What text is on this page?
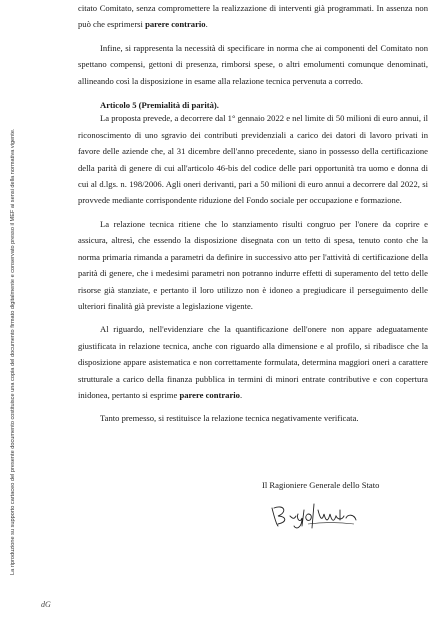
La riproduzione su supporto cartaceo del presente documento costituisce una copia del documento firmato digitalmente e conservato presso il MEF ai sensi della normativa vigente.

citato Comitato, senza compromettere la realizzazione di interventi già programmati. In assenza non può che esprimersi parere contrario.

Infine, si rappresenta la necessità di specificare in norma che ai componenti del Comitato non spettano compensi, gettoni di presenza, rimborsi spese, o altri emolumenti comunque denominati, allineando così la disposizione in esame alla relazione tecnica pervenuta a corredo.

Articolo 5 (Premialità di parità).

La proposta prevede, a decorrere dal 1° gennaio 2022 e nel limite di 50 milioni di euro annui, il riconoscimento di uno sgravio dei contributi previdenziali a carico dei datori di lavoro privati in favore delle aziende che, al 31 dicembre dell'anno precedente, siano in possesso della certificazione della parità di genere di cui all'articolo 46-bis del codice delle pari opportunità tra uomo e donna di cui al d.lgs. n. 198/2006. Agli oneri derivanti, pari a 50 milioni di euro annui a decorrere dal 2022, si provvede mediante corrispondente riduzione del Fondo sociale per occupazione e formazione.

La relazione tecnica ritiene che lo stanziamento risulti congruo per l'onere da coprire e assicura, altresì, che essendo la disposizione disegnata con un tetto di spesa, tenuto conto che la norma primaria rimanda a parametri da definire in successivo atto per l'attività di certificazione della parità di genere, che i medesimi parametri non potranno indurre effetti di superamento del tetto delle risorse già stanziate, e pertanto il loro utilizzo non è idoneo a pregiudicare il perseguimento delle ulteriori finalità già previste a legislazione vigente.

Al riguardo, nell'evidenziare che la quantificazione dell'onere non appare adeguatamente giustificata in relazione tecnica, anche con riguardo alla dimensione e al profilo, si ribadisce che la disposizione appare asistematica e non correttamente formulata, determina maggiori oneri a carattere strutturale a carico della finanza pubblica in termini di minori entrate contributive e con copertura inidonea, pertanto si esprime parere contrario.

Tanto premesso, si restituisce la relazione tecnica negativamente verificata.

Il Ragioniere Generale dello Stato
dG
